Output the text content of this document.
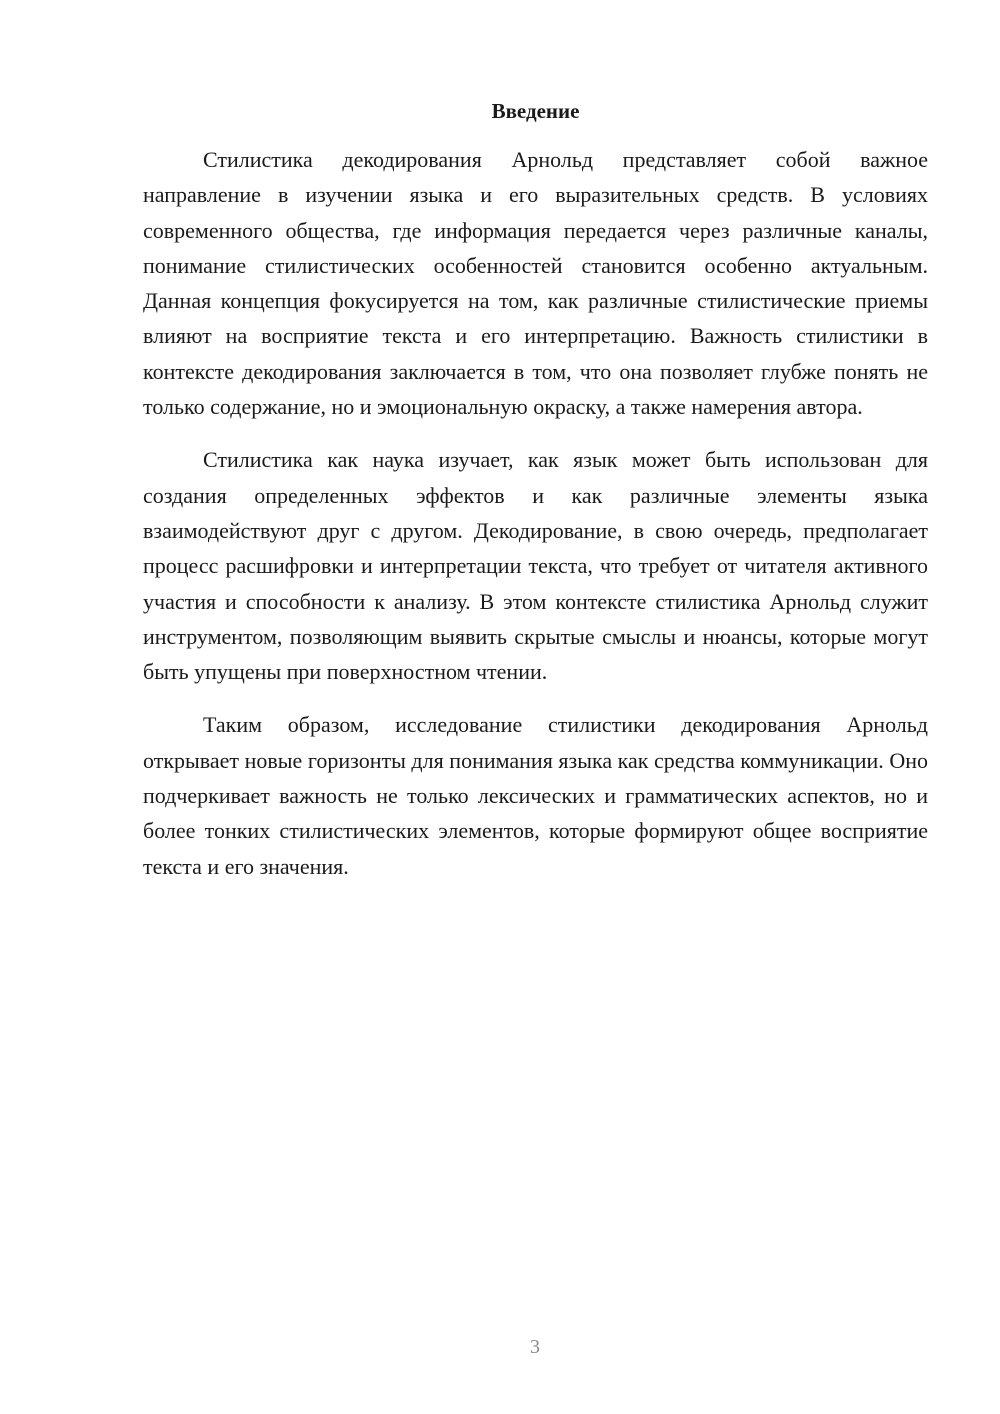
Введение

Стилистика декодирования Арнольд представляет собой важное направление в изучении языка и его выразительных средств. В условиях современного общества, где информация передается через различные каналы, понимание стилистических особенностей становится особенно актуальным. Данная концепция фокусируется на том, как различные стилистические приемы влияют на восприятие текста и его интерпретацию. Важность стилистики в контексте декодирования заключается в том, что она позволяет глубже понять не только содержание, но и эмоциональную окраску, а также намерения автора.

Стилистика как наука изучает, как язык может быть использован для создания определенных эффектов и как различные элементы языка взаимодействуют друг с другом. Декодирование, в свою очередь, предполагает процесс расшифровки и интерпретации текста, что требует от читателя активного участия и способности к анализу. В этом контексте стилистика Арнольд служит инструментом, позволяющим выявить скрытые смыслы и нюансы, которые могут быть упущены при поверхностном чтении.

Таким образом, исследование стилистики декодирования Арнольд открывает новые горизонты для понимания языка как средства коммуникации. Оно подчеркивает важность не только лексических и грамматических аспектов, но и более тонких стилистических элементов, которые формируют общее восприятие текста и его значения.

3
